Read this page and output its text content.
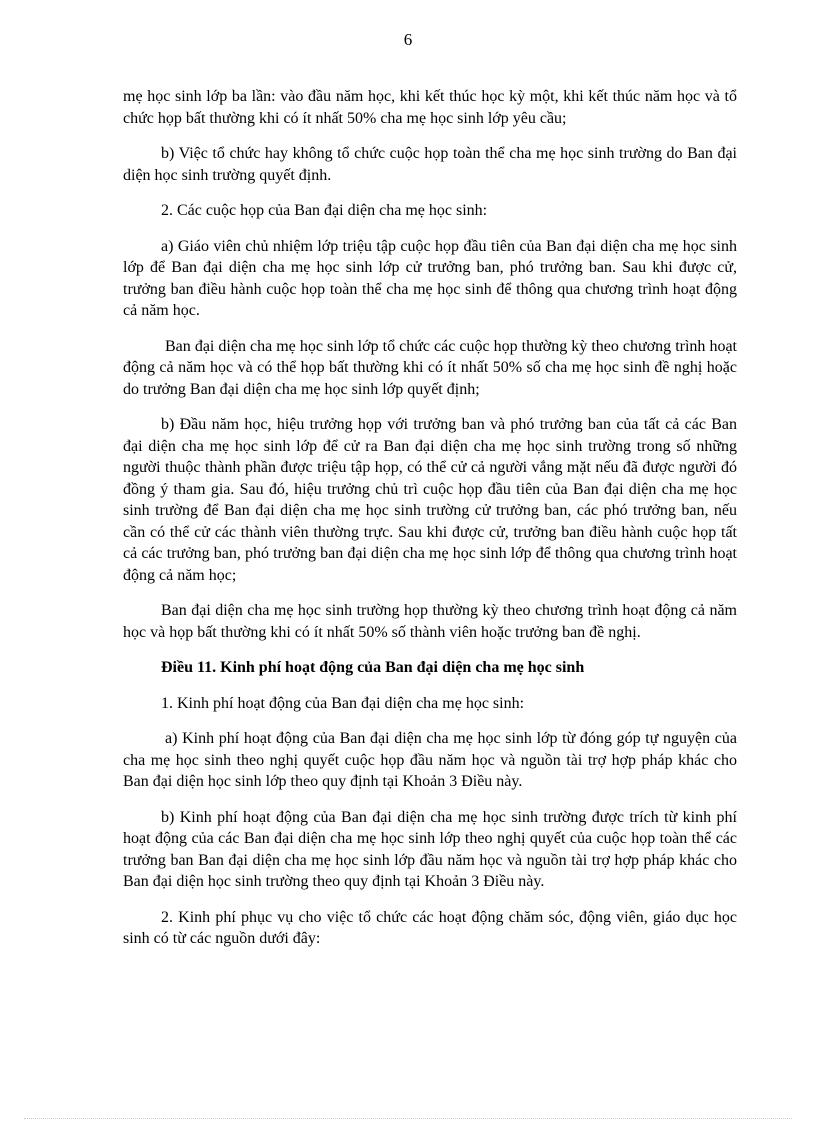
6

mẹ học sinh lớp ba lần: vào đầu năm học, khi kết thúc học kỳ một, khi kết thúc năm học và tổ chức họp bất thường khi có ít nhất 50% cha mẹ học sinh lớp yêu cầu;

b) Việc tổ chức hay không tổ chức cuộc họp toàn thể cha mẹ học sinh trường do Ban đại diện học sinh trường quyết định.

2. Các cuộc họp của Ban đại diện cha mẹ học sinh:

a) Giáo viên chủ nhiệm lớp triệu tập cuộc họp đầu tiên của Ban đại diện cha mẹ học sinh lớp để Ban đại diện cha mẹ học sinh lớp cử trưởng ban, phó trưởng ban. Sau khi được cử, trưởng ban điều hành cuộc họp toàn thể cha mẹ học sinh để thông qua chương trình hoạt động cả năm học.

Ban đại diện cha mẹ học sinh lớp tổ chức các cuộc họp thường kỳ theo chương trình hoạt động cả năm học và có thể họp bất thường khi có ít nhất 50% số cha mẹ học sinh đề nghị hoặc do trưởng Ban đại diện cha mẹ học sinh lớp quyết định;

b) Đầu năm học, hiệu trưởng họp với trưởng ban và phó trưởng ban của tất cả các Ban đại diện cha mẹ học sinh lớp để cử ra Ban đại diện cha mẹ học sinh trường trong số những người thuộc thành phần được triệu tập họp, có thể cử cả người vắng mặt nếu đã được người đó đồng ý tham gia. Sau đó, hiệu trưởng chủ trì cuộc họp đầu tiên của Ban đại diện cha mẹ học sinh trường để Ban đại diện cha mẹ học sinh trường cử trưởng ban, các phó trưởng ban, nếu cần có thể cử các thành viên thường trực. Sau khi được cử, trưởng ban điều hành cuộc họp tất cả các trưởng ban, phó trưởng ban đại diện cha mẹ học sinh lớp để thông qua chương trình hoạt động cả năm học;

Ban đại diện cha mẹ học sinh trường họp thường kỳ theo chương trình hoạt động cả năm học và họp bất thường khi có ít nhất 50% số thành viên hoặc trưởng ban đề nghị.

Điều 11. Kinh phí hoạt động của Ban đại diện cha mẹ học sinh

1. Kinh phí hoạt động của Ban đại diện cha mẹ học sinh:

a) Kinh phí hoạt động của Ban đại diện cha mẹ học sinh lớp từ đóng góp tự nguyện của cha mẹ học sinh theo nghị quyết cuộc họp đầu năm học và nguồn tài trợ hợp pháp khác cho Ban đại diện học sinh lớp theo quy định tại Khoản 3 Điều này.

b) Kinh phí hoạt động của Ban đại diện cha mẹ học sinh trường được trích từ kinh phí hoạt động của các Ban đại diện cha mẹ học sinh lớp theo nghị quyết của cuộc họp toàn thể các trưởng ban Ban đại diện cha mẹ học sinh lớp đầu năm học và nguồn tài trợ hợp pháp khác cho Ban đại diện học sinh trường theo quy định tại Khoản 3 Điều này.

2. Kinh phí phục vụ cho việc tổ chức các hoạt động chăm sóc, động viên, giáo dục học sinh có từ các nguồn dưới đây:
